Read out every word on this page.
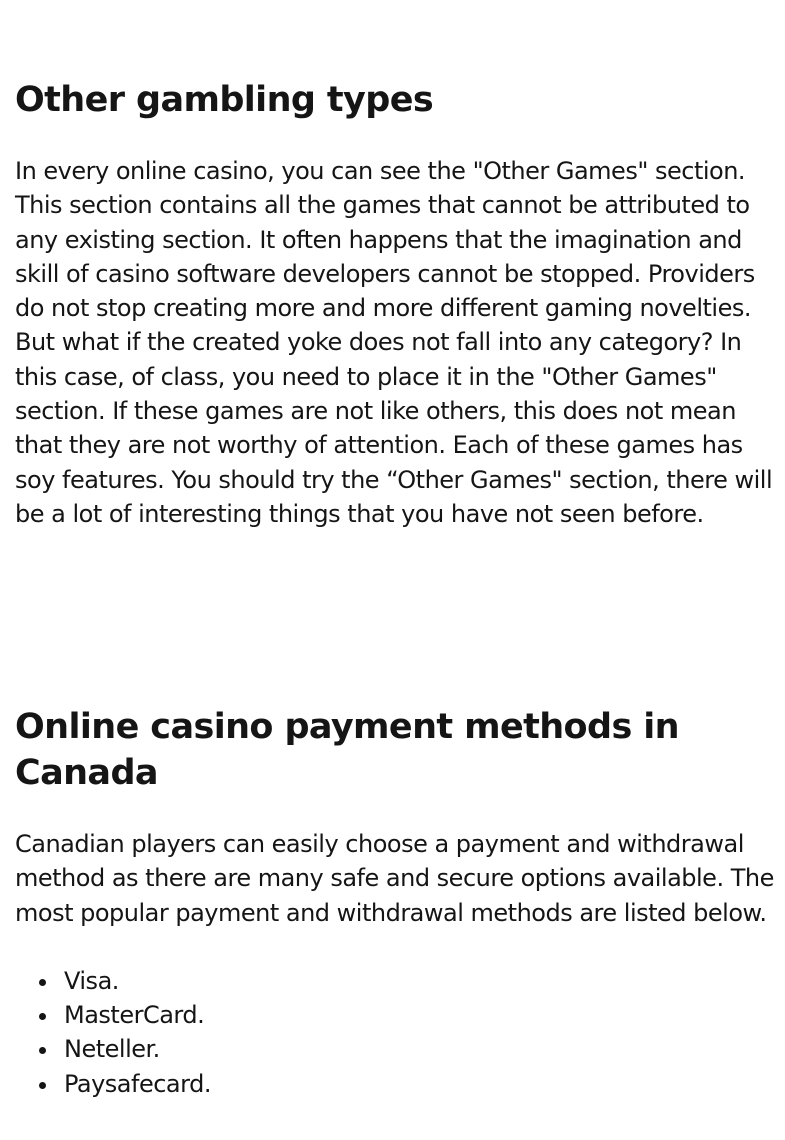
Other gambling types

In every online casino, you can see the "Other Games" section. This section contains all the games that cannot be attributed to any existing section. It often happens that the imagination and skill of casino software developers cannot be stopped. Providers do not stop creating more and more different gaming novelties. But what if the created yoke does not fall into any category? In this case, of class, you need to place it in the "Other Games" section. If these games are not like others, this does not mean that they are not worthy of attention. Each of these games has soy features. You should try the “Other Games" section, there will be a lot of interesting things that you have not seen before.

Online casino payment methods in Canada

Canadian players can easily choose a payment and withdrawal method as there are many safe and secure options available. The most popular payment and withdrawal methods are listed below.

Visa.
MasterCard.
Neteller.
Paysafecard.
